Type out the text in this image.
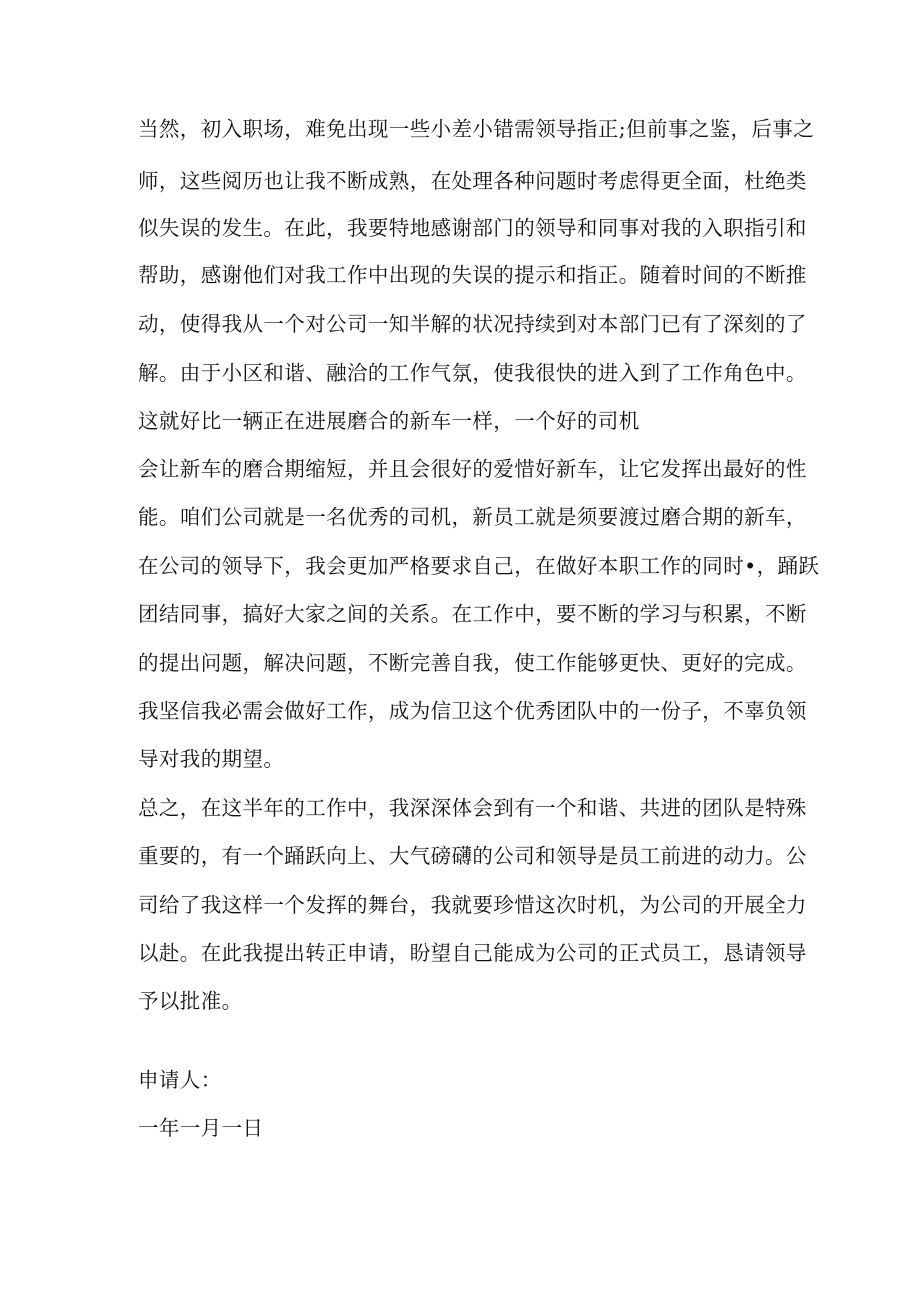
当然，初入职场，难免出现一些小差小错需领导指正;但前事之鉴，后事之
师，这些阅历也让我不断成熟，在处理各种问题时考虑得更全面，杜绝类
似失误的发生。在此，我要特地感谢部门的领导和同事对我的入职指引和
帮助，感谢他们对我工作中出现的失误的提示和指正。随着时间的不断推
动，使得我从一个对公司一知半解的状况持续到对本部门已有了深刻的了
解。由于小区和谐、融洽的工作气氛，使我很快的进入到了工作角色中。
这就好比一辆正在进展磨合的新车一样，一个好的司机
会让新车的磨合期缩短，并且会很好的爱惜好新车，让它发挥出最好的性
能。咱们公司就是一名优秀的司机，新员工就是须要渡过磨合期的新车，
在公司的领导下，我会更加严格要求自己，在做好本职工作的同时•，踊跃
团结同事，搞好大家之间的关系。在工作中，要不断的学习与积累，不断
的提出问题，解决问题，不断完善自我，使工作能够更快、更好的完成。
我坚信我必需会做好工作，成为信卫这个优秀团队中的一份子，不辜负领
导对我的期望。
总之，在这半年的工作中，我深深体会到有一个和谐、共进的团队是特殊
重要的，有一个踊跃向上、大气磅礴的公司和领导是员工前进的动力。公
司给了我这样一个发挥的舞台，我就要珍惜这次时机，为公司的开展全力
以赴。在此我提出转正申请，盼望自己能成为公司的正式员工，恳请领导
予以批准。
申请人：
一年一月一日
